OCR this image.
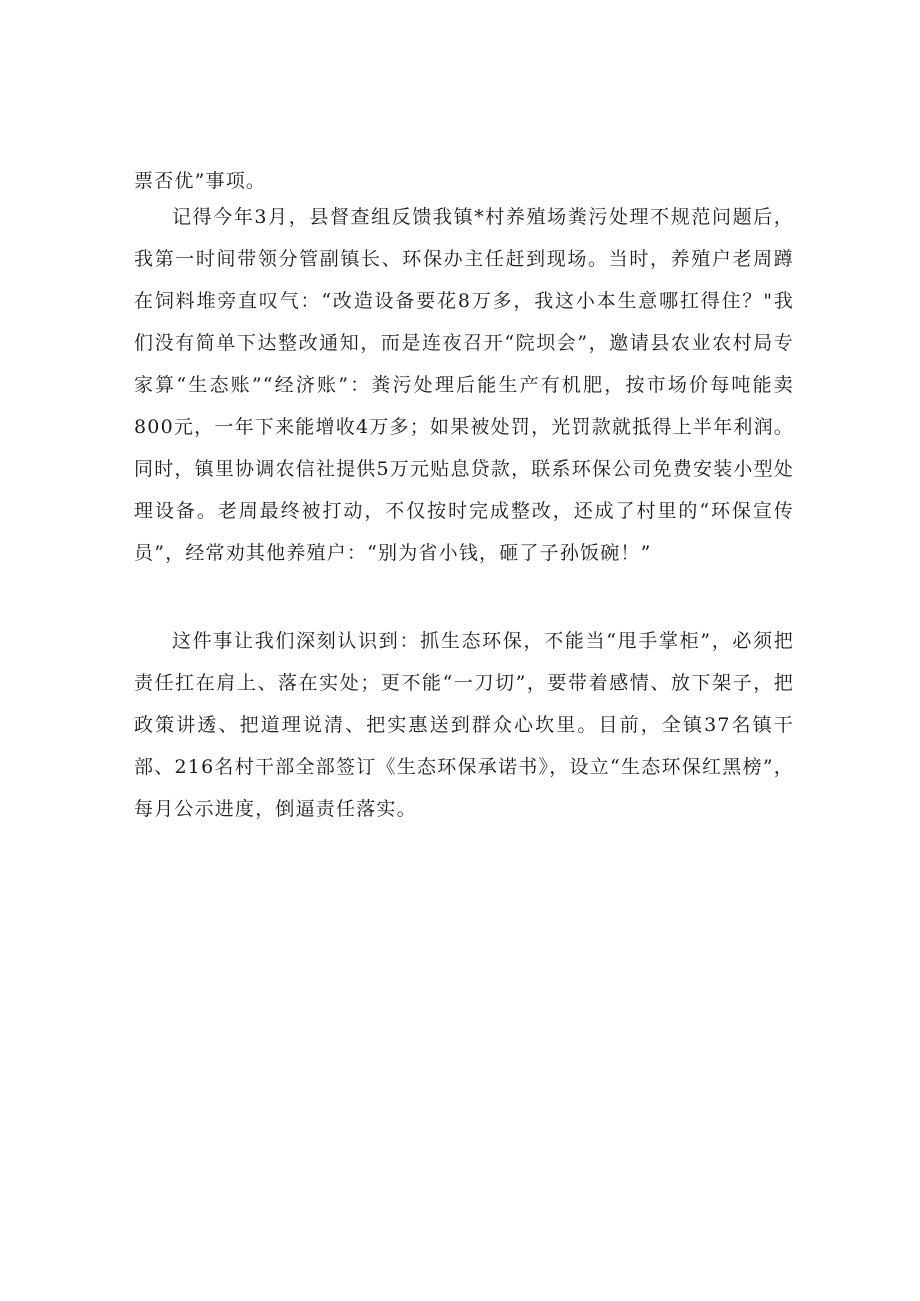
票否优”事项。

记得今年3月，县督查组反馈我镇*村养殖场粪污处理不规范问题后，我第一时间带领分管副镇长、环保办主任赶到现场。当时，养殖户老周蹲在饲料堆旁直叹气：“改造设备要花8万多，我这小本生意哪扛得住？"我们没有简单下达整改通知，而是连夜召开“院坝会”，邀请县农业农村局专家算“生态账”“经济账”：粪污处理后能生产有机肥，按市场价每吨能卖800元，一年下来能增收4万多；如果被处罚，光罚款就抵得上半年利润。同时，镇里协调农信社提供5万元贴息贷款，联系环保公司免费安装小型处理设备。老周最终被打动，不仅按时完成整改，还成了村里的“环保宣传员”，经常劝其他养殖户：“别为省小钱，砸了子孙饭碗！”

这件事让我们深刻认识到：抓生态环保，不能当“甩手掌柜”，必须把责任扛在肩上、落在实处；更不能“一刀切”，要带着感情、放下架子，把政策讲透、把道理说清、把实惠送到群众心坎里。目前，全镇37名镇干部、216名村干部全部签订《生态环保承诺书》，设立“生态环保红黑榜”，每月公示进度，倒逼责任落实。
